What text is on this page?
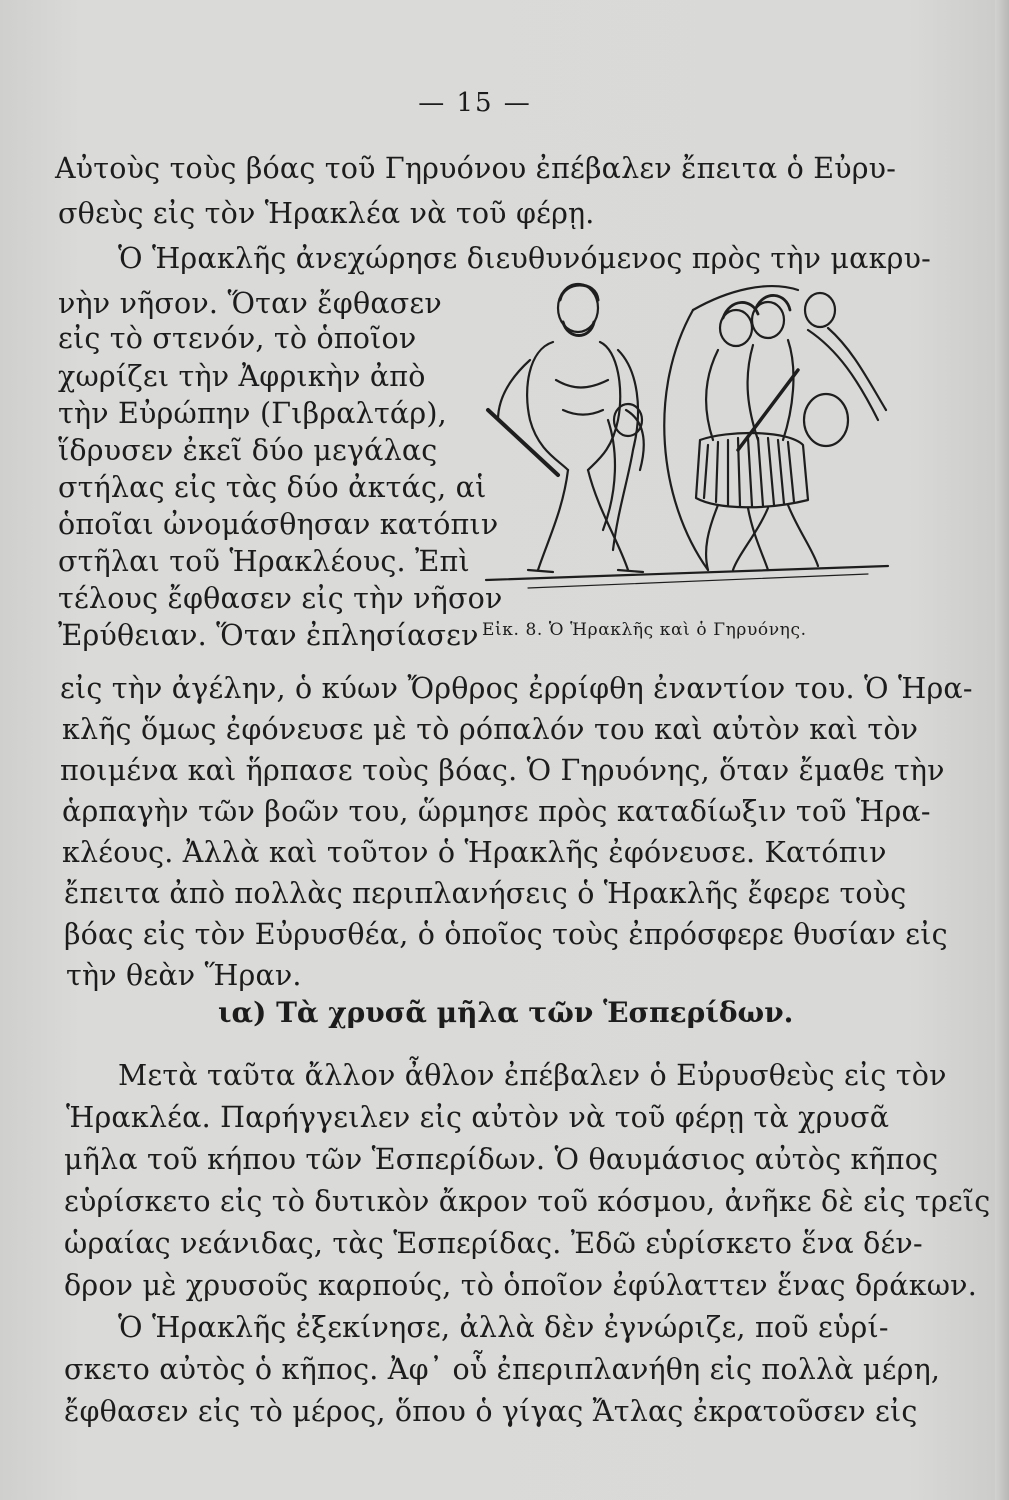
— 15 —
Αὐτοὺς τοὺς βόας τοῦ Γηρυόνου ἐπέβαλεν ἔπειτα ὁ Εὐρυ-
σθεὺς εἰς τὸν Ἡρακλέα νὰ τοῦ φέρῃ.
Ὁ Ἡρακλῆς ἀνεχώρησε διευθυνόμενος πρὸς τὴν μακρυ-
νὴν νῆσον. Ὅταν ἔφθασεν
εἰς τὸ στενόν, τὸ ὁποῖον
χωρίζει τὴν Ἀφρικὴν ἀπὸ
τὴν Εὐρώπην (Γιβραλτάρ),
ἵδρυσεν ἐκεῖ δύο μεγάλας
στήλας εἰς τὰς δύο ἀκτάς, αἱ
ὁποῖαι ὠνομάσθησαν κατόπιν
στῆλαι τοῦ Ἡρακλέους. Ἐπὶ
τέλους ἔφθασεν εἰς τὴν νῆσον
Ἐρύθειαν. Ὅταν ἐπλησίασεν Εἰκ. 8. Ὁ Ἡρακλῆς καὶ ὁ Γηρυόνης.
εἰς τὴν ἀγέλην, ὁ κύων Ὄρθρος ἐρρίφθη ἐναντίον του. Ὁ Ἡρα-
κλῆς ὅμως ἐφόνευσε μὲ τὸ ρόπαλόν του καὶ αὐτὸν καὶ τὸν
ποιμένα καὶ ἥρπασε τοὺς βόας. Ὁ Γηρυόνης, ὅταν ἔμαθε τὴν
ἁρπαγὴν τῶν βοῶν του, ὥρμησε πρὸς καταδίωξιν τοῦ Ἡρα-
κλέους. Ἀλλὰ καὶ τοῦτον ὁ Ἡρακλῆς ἐφόνευσε. Κατόπιν
ἔπειτα ἀπὸ πολλὰς περιπλανήσεις ὁ Ἡρακλῆς ἔφερε τοὺς
βόας εἰς τὸν Εὐρυσθέα, ὁ ὁποῖος τοὺς ἐπρόσφερε θυσίαν εἰς
τὴν θεὰν Ἥραν.
ια) Τὰ χρυσᾶ μῆλα τῶν Ἑσπερίδων.
Μετὰ ταῦτα ἄλλον ἆθλον ἐπέβαλεν ὁ Εὐρυσθεὺς εἰς τὸν
Ἡρακλέα. Παρήγγειλεν εἰς αὐτὸν νὰ τοῦ φέρῃ τὰ χρυσᾶ
μῆλα τοῦ κήπου τῶν Ἑσπερίδων. Ὁ θαυμάσιος αὐτὸς κῆπος
εὑρίσκετο εἰς τὸ δυτικὸν ἄκρον τοῦ κόσμου, ἀνῆκε δὲ εἰς τρεῖς
ὡραίας νεάνιδας, τὰς Ἑσπερίδας. Ἐδῶ εὑρίσκετο ἕνα δέν-
δρον μὲ χρυσοῦς καρπούς, τὸ ὁποῖον ἐφύλαττεν ἕνας δράκων.
Ὁ Ἡρακλῆς ἐξεκίνησε, ἀλλὰ δὲν ἐγνώριζε, ποῦ εὑρί-
σκετο αὐτὸς ὁ κῆπος. Ἀφ᾿ οὗ ἐπεριπλανήθη εἰς πολλὰ μέρη,
ἔφθασεν εἰς τὸ μέρος, ὅπου ὁ γίγας Ἄτλας ἐκρατοῦσεν εἰς
